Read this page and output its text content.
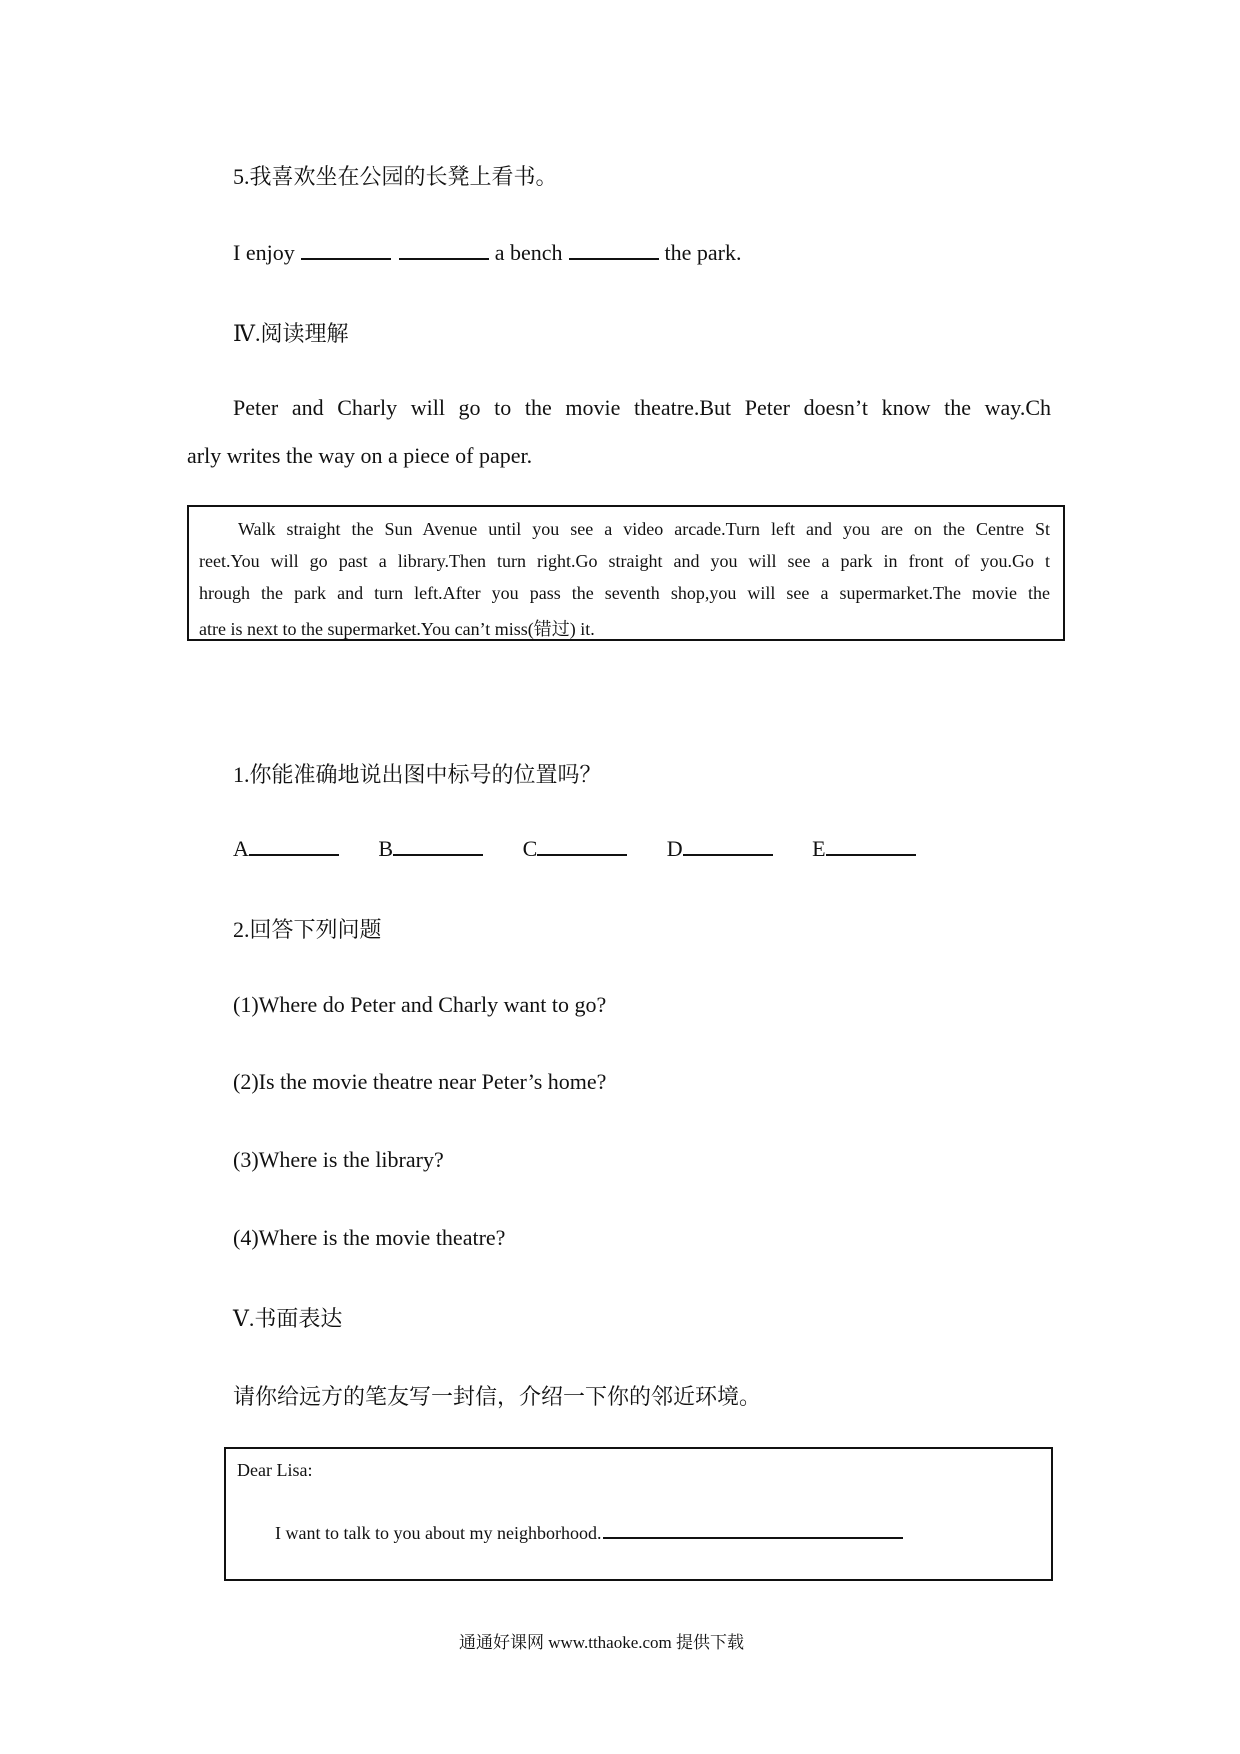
5.我喜欢坐在公园的长凳上看书。
I enjoy	a bench	the park.
Ⅳ.阅读理解
Peter and Charly will go to the movie theatre.But Peter doesn’t know the way.Ch
arly writes the way on a piece of paper.
Walk straight the Sun Avenue until you see a video arcade.Turn left and you are on the Centre St
reet.You will go past a library.Then turn right.Go straight and you will see a park in front of you.Go t
hrough the park and turn left.After you pass the seventh shop,you will see a supermarket.The movie the
atre is next to the supermarket.You can’t miss(错过) it.
1.你能准确地说出图中标号的位置吗？
A	B	C	D	E
2.回答下列问题
(1)Where do Peter and Charly want to go?
(2)Is the movie theatre near Peter’s home?
(3)Where is the library?
(4)Where is the movie theatre?
Ⅴ.书面表达
请你给远方的笔友写一封信，介绍一下你的邻近环境。
Dear Lisa:
I want to talk to you about my neighborhood.
通通好课网 www.tthaoke.com 提供下载
